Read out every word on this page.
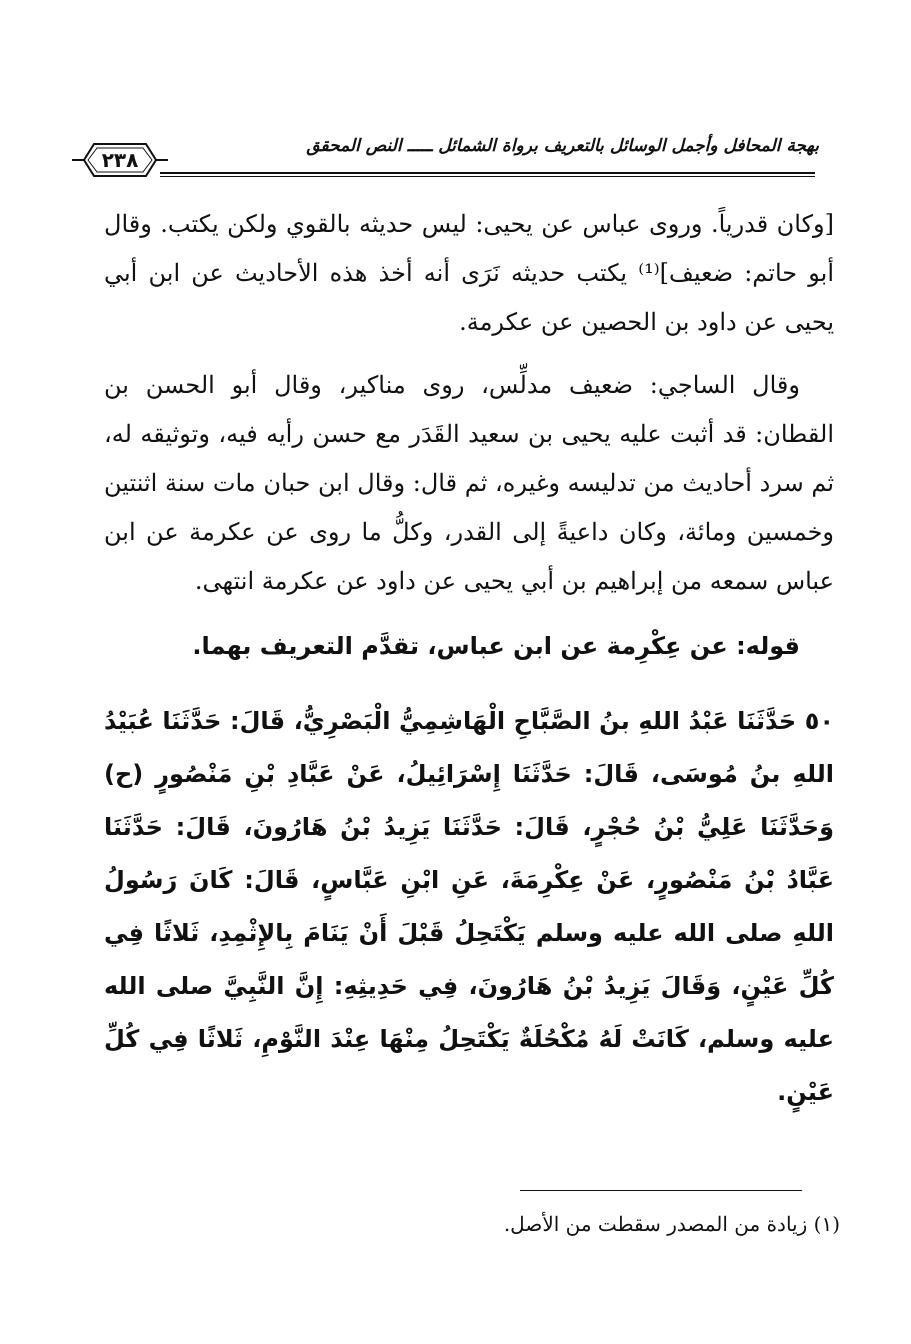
بهجة المحافل وأجمل الوسائل بالتعريف برواة الشمائل ـــــ النص المحقق
٢٣٨

[وكان قدرياً. وروى عباس عن يحيى: ليس حديثه بالقوي ولكن يكتب. وقال أبو حاتم: ضعيف]⁽¹⁾ يكتب حديثه نَرَى أنه أخذ هذه الأحاديث عن ابن أبي يحيى عن داود بن الحصين عن عكرمة.

وقال الساجي: ضعيف مدلِّس، روى مناكير، وقال أبو الحسن بن القطان: قد أثبت عليه يحيى بن سعيد القَدَر مع حسن رأيه فيه، وتوثيقه له، ثم سرد أحاديث من تدليسه وغيره، ثم قال: وقال ابن حبان مات سنة اثنتين وخمسين ومائة، وكان داعيةً إلى القدر، وكلُّ ما روى عن عكرمة عن ابن عباس سمعه من إبراهيم بن أبي يحيى عن داود عن عكرمة انتهى.

قوله: عن عِكْرِمة عن ابن عباس، تقدَّم التعريف بهما.

٥٠ حَدَّثَنَا عَبْدُ اللهِ بنُ الصَّبَّاحِ الْهَاشِمِيُّ الْبَصْرِيُّ، قَالَ: حَدَّثَنَا عُبَيْدُ اللهِ بنُ مُوسَى، قَالَ: حَدَّثَنَا إِسْرَائِيلُ، عَنْ عَبَّادِ بْنِ مَنْصُورٍ (ح) وَحَدَّثَنَا عَلِيُّ بْنُ حُجْرٍ، قَالَ: حَدَّثَنَا يَزِيدُ بْنُ هَارُونَ، قَالَ: حَدَّثَنَا عَبَّادُ بْنُ مَنْصُورٍ، عَنْ عِكْرِمَةَ، عَنِ ابْنِ عَبَّاسٍ، قَالَ: كَانَ رَسُولُ اللهِ صلى الله عليه وسلم يَكْتَحِلُ قَبْلَ أَنْ يَنَامَ بِالإِثْمِدِ، ثَلاثًا فِي كُلِّ عَيْنٍ، وَقَالَ يَزِيدُ بْنُ هَارُونَ، فِي حَدِيثِهِ: إِنَّ النَّبِيَّ صلى الله عليه وسلم، كَانَتْ لَهُ مُكْحُلَةٌ يَكْتَحِلُ مِنْهَا عِنْدَ النَّوْمِ، ثَلاثًا فِي كُلِّ عَيْنٍ.

(١) زيادة من المصدر سقطت من الأصل.
